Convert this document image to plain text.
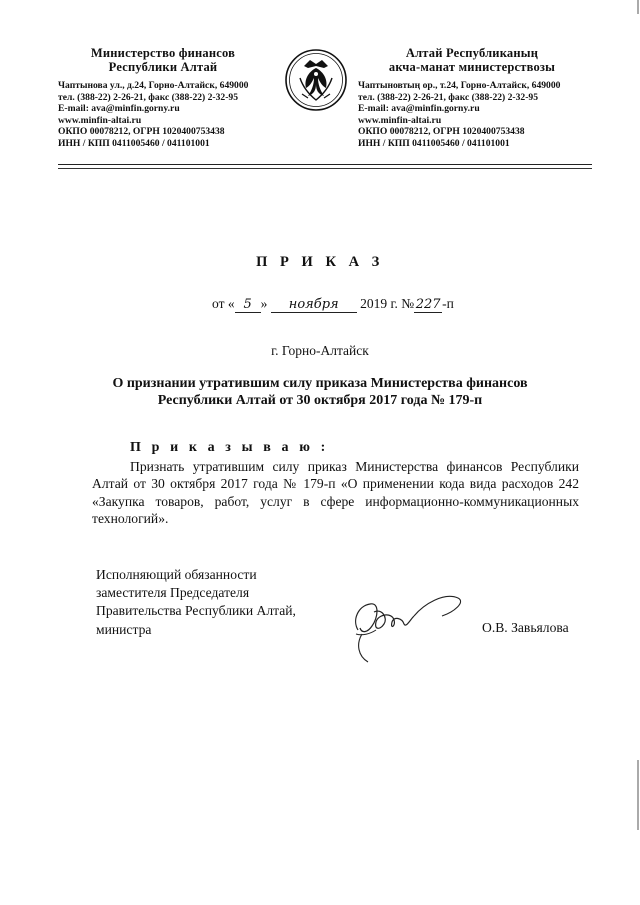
Министерство финансов
Республики Алтай
Чаптынова ул., д.24, Горно-Алтайск, 649000
тел. (388-22) 2-26-21, факс (388-22) 2-32-95
E-mail: ava@minfin.gorny.ru
www.minfin-altai.ru
ОКПО 00078212, ОГРН 1020400753438
ИНН / КПП 0411005460 / 041101001
Алтай Республиканың
акча-манат министерствозы
Чаптыновтың ор., т.24, Горно-Алтайск, 649000
тел. (388-22) 2-26-21, факс (388-22) 2-32-95
E-mail: ava@minfin.gorny.ru
www.minfin-altai.ru
ОКПО 00078212, ОГРН 1020400753438
ИНН / КПП 0411005460 / 041101001
П Р И К А З
от « 5 » ноября 2019 г. № 227 -п
г. Горно-Алтайск
О признании утратившим силу приказа Министерства финансов
Республики Алтай от 30 октября 2017 года № 179-п
П р и к а з ы в а ю :
Признать утратившим силу приказ Министерства финансов Республики Алтай от 30 октября 2017 года № 179-п «О применении кода вида расходов 242 «Закупка товаров, работ, услуг в сфере информационно-коммуникационных технологий».
Исполняющий обязанности
заместителя Председателя
Правительства Республики Алтай,
министра	О.В. Завьялова
